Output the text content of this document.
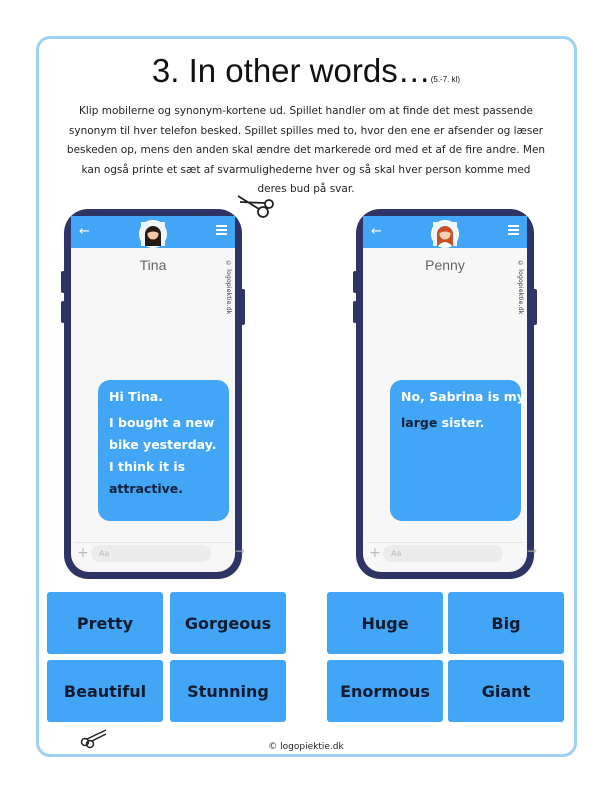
3. In other words…(5.-7. kl)
Klip mobilerne og synonym-kortene ud. Spillet handler om at finde det mest passende synonym til hver telefon besked. Spillet spilles med to, hvor den ene er afsender og læser beskeden op, mens den anden skal ændre det markerede ord med et af de fire andre. Men kan også printe et sæt af svarmulighederne hver og så skal hver person komme med deres bud på svar.
←
Tina	© logopiektie.dk

Hi Tina.

I bought a new bike yesterday. I think it is attractive.

+	Aa	→
←
Penny	© logopiektie.dk

No, Sabrina is my

large sister.

+	Aa	→
Pretty	Gorgeous
Beautiful	Stunning
Huge	Big
Enormous	Giant
© logopiektie.dk
